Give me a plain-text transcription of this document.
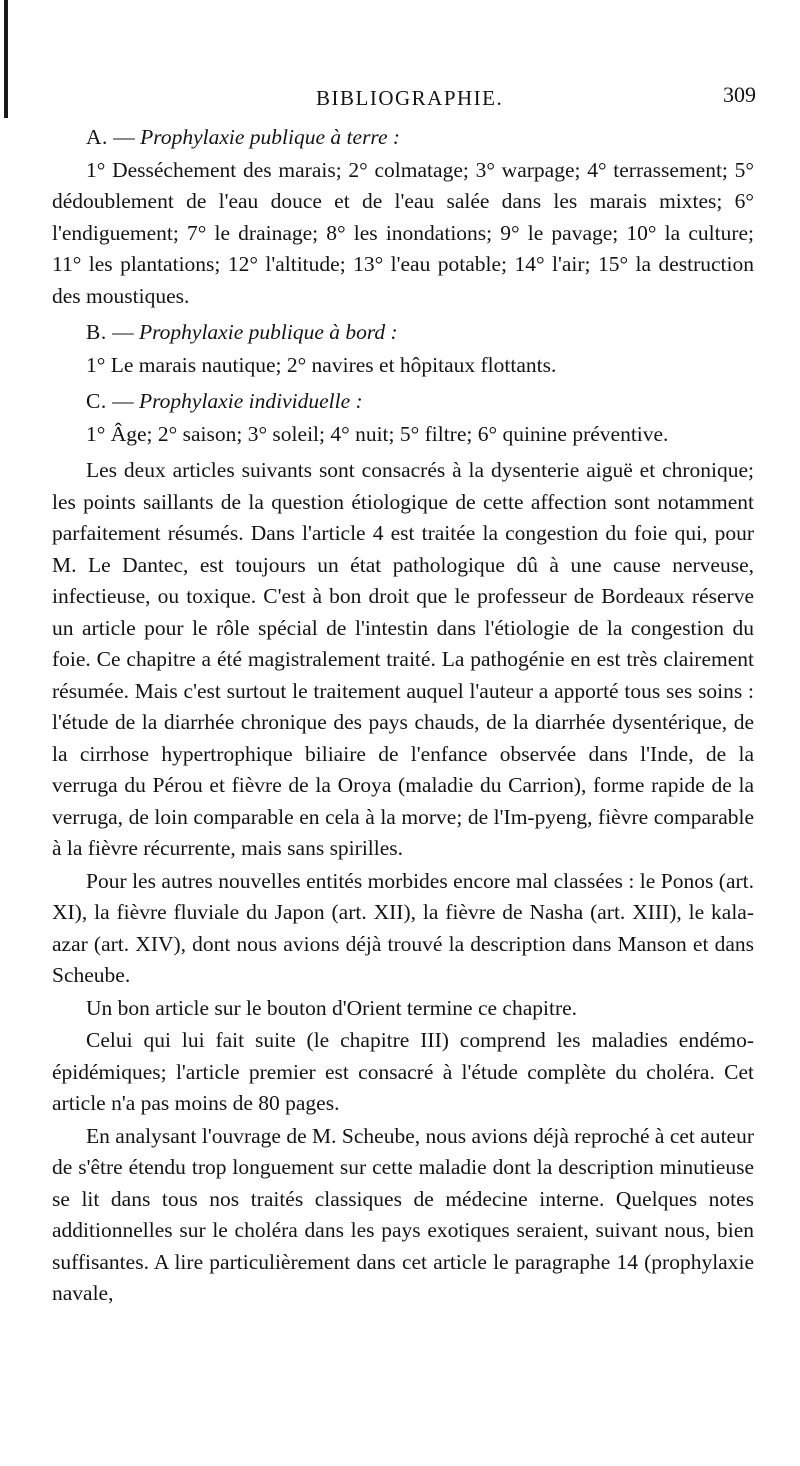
BIBLIOGRAPHIE.	309

A. — Prophylaxie publique à terre :

1° Desséchement des marais; 2° colmatage; 3° warpage; 4° terrassement; 5° dédoublement de l'eau douce et de l'eau salée dans les marais mixtes; 6° l'endiguement; 7° le drainage; 8° les inondations; 9° le pavage; 10° la culture; 11° les plantations; 12° l'altitude; 13° l'eau potable; 14° l'air; 15° la destruction des moustiques.

B. — Prophylaxie publique à bord :

1° Le marais nautique; 2° navires et hôpitaux flottants.

C. — Prophylaxie individuelle :

1° Âge; 2° saison; 3° soleil; 4° nuit; 5° filtre; 6° quinine préventive.

Les deux articles suivants sont consacrés à la dysenterie aiguë et chronique; les points saillants de la question étiologique de cette affection sont notamment parfaitement résumés. Dans l'article 4 est traitée la congestion du foie qui, pour M. Le Dantec, est toujours un état pathologique dû à une cause nerveuse, infectieuse, ou toxique. C'est à bon droit que le professeur de Bordeaux réserve un article pour le rôle spécial de l'intestin dans l'étiologie de la congestion du foie. Ce chapitre a été magistralement traité. La pathogénie en est très clairement résumée. Mais c'est surtout le traitement auquel l'auteur a apporté tous ses soins : l'étude de la diarrhée chronique des pays chauds, de la diarrhée dysentérique, de la cirrhose hypertrophique biliaire de l'enfance observée dans l'Inde, de la verruga du Pérou et fièvre de la Oroya (maladie du Carrion), forme rapide de la verruga, de loin comparable en cela à la morve; de l'Im-pyeng, fièvre comparable à la fièvre récurrente, mais sans spirilles.

Pour les autres nouvelles entités morbides encore mal classées : le Ponos (art. XI), la fièvre fluviale du Japon (art. XII), la fièvre de Nasha (art. XIII), le kala-azar (art. XIV), dont nous avions déjà trouvé la description dans Manson et dans Scheube.

Un bon article sur le bouton d'Orient termine ce chapitre.

Celui qui lui fait suite (le chapitre III) comprend les maladies endémo-épidémiques; l'article premier est consacré à l'étude complète du choléra. Cet article n'a pas moins de 80 pages.

En analysant l'ouvrage de M. Scheube, nous avions déjà reproché à cet auteur de s'être étendu trop longuement sur cette maladie dont la description minutieuse se lit dans tous nos traités classiques de médecine interne. Quelques notes additionnelles sur le choléra dans les pays exotiques seraient, suivant nous, bien suffisantes. A lire particulièrement dans cet article le paragraphe 14 (prophylaxie navale,
